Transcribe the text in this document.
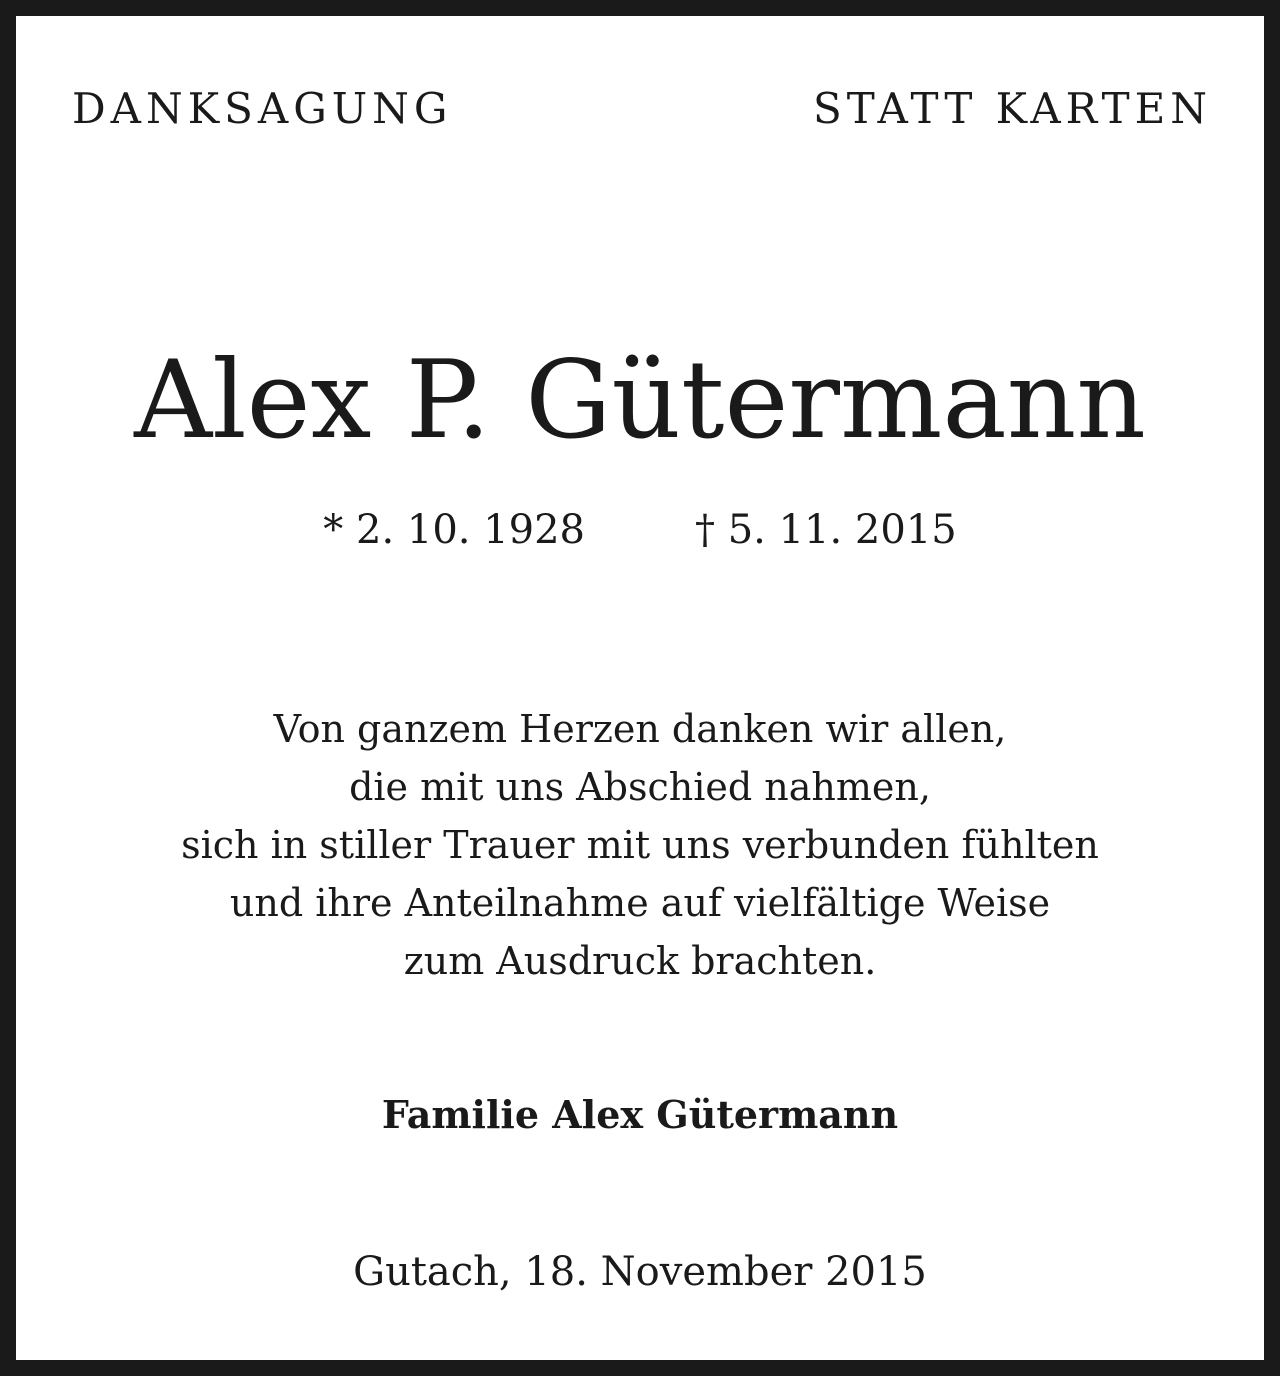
DANKSAGUNG	STATT KARTEN
Alex P. Gütermann
* 2. 10. 1928	† 5. 11. 2015
Von ganzem Herzen danken wir allen,
die mit uns Abschied nahmen,
sich in stiller Trauer mit uns verbunden fühlten
und ihre Anteilnahme auf vielfältige Weise
zum Ausdruck brachten.
Familie Alex Gütermann
Gutach, 18. November 2015
